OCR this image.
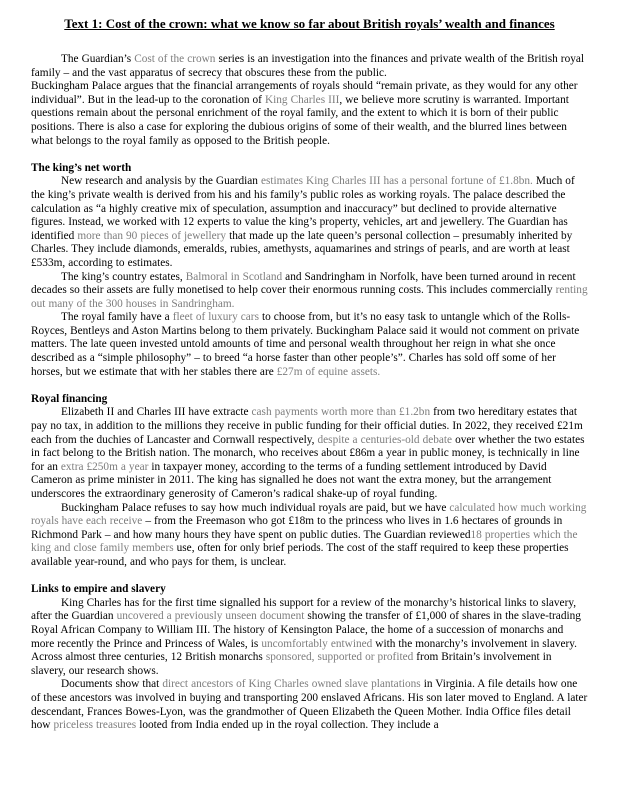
Text 1: Cost of the crown: what we know so far about British royals’ wealth and finances

The Guardian’s Cost of the crown series is an investigation into the finances and private wealth of the British royal family – and the vast apparatus of secrecy that obscures these from the public.

Buckingham Palace argues that the financial arrangements of royals should “remain private, as they would for any other individual”. But in the lead-up to the coronation of King Charles III, we believe more scrutiny is warranted. Important questions remain about the personal enrichment of the royal family, and the extent to which it is born of their public positions. There is also a case for exploring the dubious origins of some of their wealth, and the blurred lines between what belongs to the royal family as opposed to the British people.

The king’s net worth

New research and analysis by the Guardian estimates King Charles III has a personal fortune of £1.8bn. Much of the king’s private wealth is derived from his and his family’s public roles as working royals. The palace described the calculation as “a highly creative mix of speculation, assumption and inaccuracy” but declined to provide alternative figures. Instead, we worked with 12 experts to value the king’s property, vehicles, art and jewellery. The Guardian has identified more than 90 pieces of jewellery that made up the late queen’s personal collection – presumably inherited by Charles. They include diamonds, emeralds, rubies, amethysts, aquamarines and strings of pearls, and are worth at least £533m, according to estimates.

The king’s country estates, Balmoral in Scotland and Sandringham in Norfolk, have been turned around in recent decades so their assets are fully monetised to help cover their enormous running costs. This includes commercially renting out many of the 300 houses in Sandringham.

The royal family have a fleet of luxury cars to choose from, but it’s no easy task to untangle which of the Rolls-Royces, Bentleys and Aston Martins belong to them privately. Buckingham Palace said it would not comment on private matters. The late queen invested untold amounts of time and personal wealth throughout her reign in what she once described as a “simple philosophy” – to breed “a horse faster than other people’s”. Charles has sold off some of her horses, but we estimate that with her stables there are £27m of equine assets.

Royal financing

Elizabeth II and Charles III have extracte cash payments worth more than £1.2bn from two hereditary estates that pay no tax, in addition to the millions they receive in public funding for their official duties. In 2022, they received £21m each from the duchies of Lancaster and Cornwall respectively, despite a centuries-old debate over whether the two estates in fact belong to the British nation. The monarch, who receives about £86m a year in public money, is technically in line for an extra £250m a year in taxpayer money, according to the terms of a funding settlement introduced by David Cameron as prime minister in 2011. The king has signalled he does not want the extra money, but the arrangement underscores the extraordinary generosity of Cameron’s radical shake-up of royal funding.

Buckingham Palace refuses to say how much individual royals are paid, but we have calculated how much working royals have each receive – from the Freemason who got £18m to the princess who lives in 1.6 hectares of grounds in Richmond Park – and how many hours they have spent on public duties. The Guardian reviewed18 properties which the king and close family members use, often for only brief periods. The cost of the staff required to keep these properties available year-round, and who pays for them, is unclear.

Links to empire and slavery

King Charles has for the first time signalled his support for a review of the monarchy’s historical links to slavery, after the Guardian uncovered a previously unseen document showing the transfer of £1,000 of shares in the slave-trading Royal African Company to William III. The history of Kensington Palace, the home of a succession of monarchs and more recently the Prince and Princess of Wales, is uncomfortably entwined with the monarchy’s involvement in slavery. Across almost three centuries, 12 British monarchs sponsored, supported or profited from Britain’s involvement in slavery, our research shows.

Documents show that direct ancestors of King Charles owned slave plantations in Virginia. A file details how one of these ancestors was involved in buying and transporting 200 enslaved Africans. His son later moved to England. A later descendant, Frances Bowes-Lyon, was the grandmother of Queen Elizabeth the Queen Mother. India Office files detail how priceless treasures looted from India ended up in the royal collection. They include a
